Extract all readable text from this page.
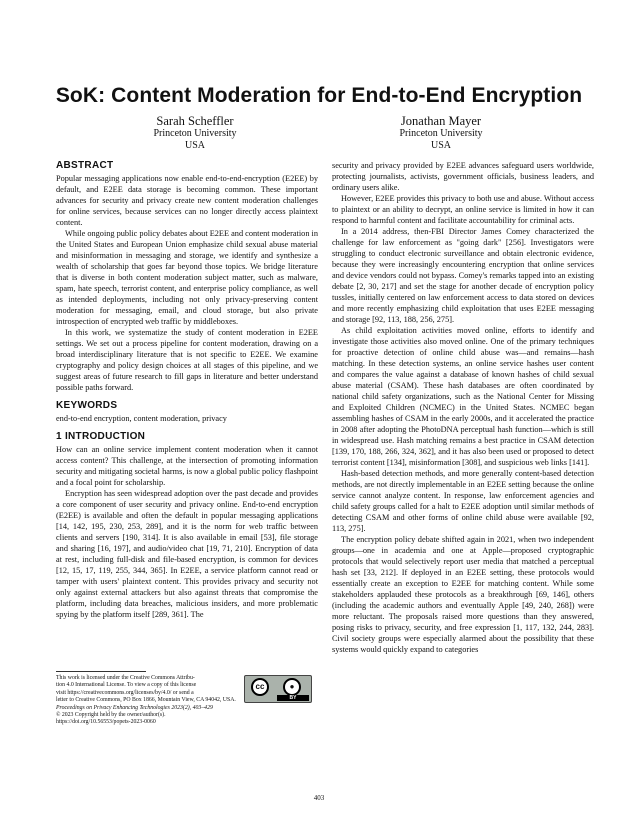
SoK: Content Moderation for End-to-End Encryption
Sarah Scheffler
Princeton University
USA
Jonathan Mayer
Princeton University
USA
ABSTRACT

Popular messaging applications now enable end-to-end-encryption (E2EE) by default, and E2EE data storage is becoming common. These important advances for security and privacy create new content moderation challenges for online services, because services can no longer directly access plaintext content.

While ongoing public policy debates about E2EE and content moderation in the United States and European Union emphasize child sexual abuse material and misinformation in messaging and storage, we identify and synthesize a wealth of scholarship that goes far beyond those topics. We bridge literature that is diverse in both content moderation subject matter, such as malware, spam, hate speech, terrorist content, and enterprise policy compliance, as well as intended deployments, including not only privacy-preserving content moderation for messaging, email, and cloud storage, but also private introspection of encrypted web traffic by middleboxes.

In this work, we systematize the study of content moderation in E2EE settings. We set out a process pipeline for content moderation, drawing on a broad interdisciplinary literature that is not specific to E2EE. We examine cryptography and policy design choices at all stages of this pipeline, and we suggest areas of future research to fill gaps in literature and better understand possible paths forward.

KEYWORDS

end-to-end encryption, content moderation, privacy

1 INTRODUCTION

How can an online service implement content moderation when it cannot access content? This challenge, at the intersection of promoting information security and mitigating societal harms, is now a global public policy flashpoint and a focal point for scholarship.

Encryption has seen widespread adoption over the past decade and provides a core component of user security and privacy online. End-to-end encryption (E2EE) is available and often the default in popular messaging applications [14, 142, 195, 230, 253, 289], and it is the norm for web traffic between clients and servers [190, 314]. It is also available in email [53], file storage and sharing [16, 197], and audio/video chat [19, 71, 210]. Encryption of data at rest, including full-disk and file-based encryption, is common for devices [12, 15, 17, 119, 255, 344, 365]. In E2EE, a service platform cannot read or tamper with users' plaintext content. This provides privacy and security not only against external attackers but also against threats that compromise the platform, including data breaches, malicious insiders, and more problematic spying by the platform itself [289, 361]. The

security and privacy provided by E2EE advances safeguard users worldwide, protecting journalists, activists, government officials, business leaders, and ordinary users alike.

However, E2EE provides this privacy to both use and abuse. Without access to plaintext or an ability to decrypt, an online service is limited in how it can respond to harmful content and facilitate accountability for criminal acts.

In a 2014 address, then-FBI Director James Comey characterized the challenge for law enforcement as "going dark" [256]. Investigators were struggling to conduct electronic surveillance and obtain electronic evidence, because they were increasingly encountering encryption that online services and device vendors could not bypass. Comey's remarks tapped into an existing debate [2, 30, 217] and set the stage for another decade of encryption policy tussles, initially centered on law enforcement access to data stored on devices and more recently emphasizing child exploitation that uses E2EE messaging and storage [92, 113, 188, 256, 275].

As child exploitation activities moved online, efforts to identify and investigate those activities also moved online. One of the primary techniques for proactive detection of online child abuse was—and remains—hash matching. In these detection systems, an online service hashes user content and compares the value against a database of known hashes of child sexual abuse material (CSAM). These hash databases are often coordinated by national child safety organizations, such as the National Center for Missing and Exploited Children (NCMEC) in the United States. NCMEC began assembling hashes of CSAM in the early 2000s, and it accelerated the practice in 2008 after adopting the PhotoDNA perceptual hash function—which is still in widespread use. Hash matching remains a best practice in CSAM detection [139, 170, 188, 266, 324, 362], and it has also been used or proposed to detect terrorist content [134], misinformation [308], and suspicious web links [141].

Hash-based detection methods, and more generally content-based detection methods, are not directly implementable in an E2EE setting because the online service cannot analyze content. In response, law enforcement agencies and child safety groups called for a halt to E2EE adoption until similar methods of detecting CSAM and other forms of online child abuse were available [92, 113, 275].

The encryption policy debate shifted again in 2021, when two independent groups—one in academia and one at Apple—proposed cryptographic protocols that would selectively report user media that matched a perceptual hash set [33, 212]. If deployed in an E2EE setting, these protocols would essentially create an exception to E2EE for matching content. While some stakeholders applauded these protocols as a breakthrough [69, 146], others (including the academic authors and eventually Apple [49, 240, 268]) were more reluctant. The proposals raised more questions than they answered, posing risks to privacy, security, and free expression [1, 117, 132, 244, 283]. Civil society groups were especially alarmed about the possibility that these systems would quickly expand to categories

This work is licensed under the Creative Commons Attribu-
tion 4.0 International License. To view a copy of this license
visit https://creativecommons.org/licenses/by/4.0/ or send a
letter to Creative Commons, PO Box 1866, Mountain View, CA 94042, USA.
Proceedings on Privacy Enhancing Technologies 2023(2), 403–429
© 2023 Copyright held by the owner/author(s).
https://doi.org/10.56553/popets-2023-0060
cc	●
BY
403
